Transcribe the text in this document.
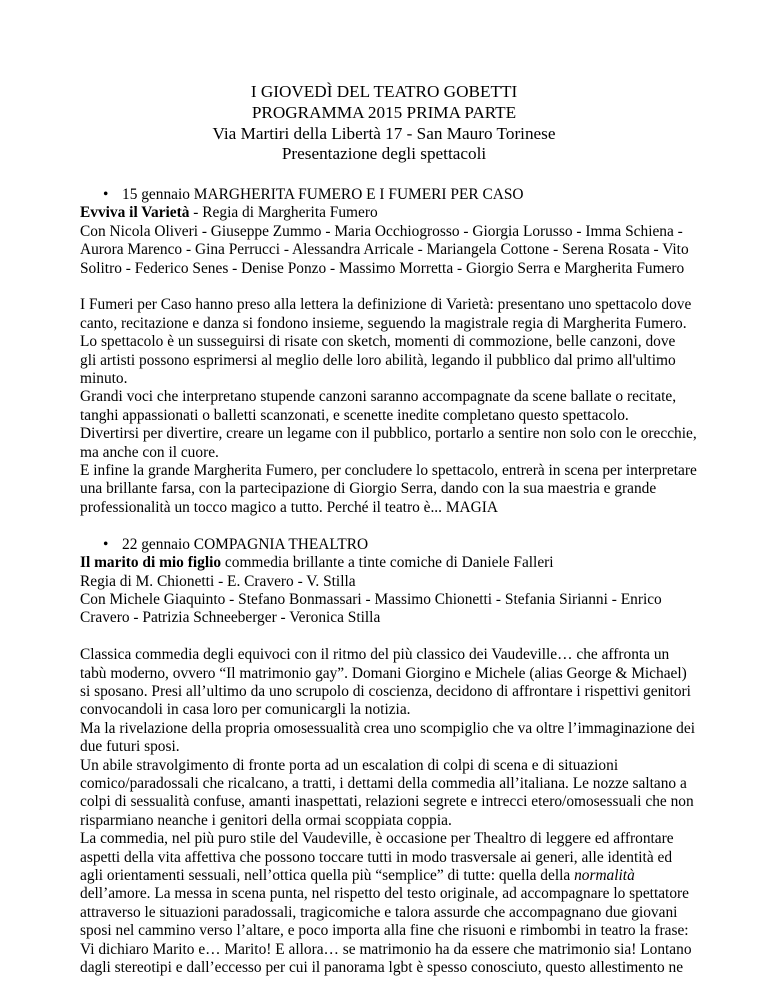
I GIOVEDÌ DEL TEATRO GOBETTI
PROGRAMMA 2015 PRIMA PARTE
Via Martiri della Libertà 17 - San Mauro Torinese
Presentazione degli spettacoli
• 15 gennaio MARGHERITA FUMERO E I FUMERI PER CASO
Evviva il Varietà - Regia di Margherita Fumero
Con Nicola Oliveri - Giuseppe Zummo - Maria Occhiogrosso - Giorgia Lorusso - Imma Schiena -
Aurora Marenco - Gina Perrucci - Alessandra Arricale - Mariangela Cottone - Serena Rosata - Vito
Solitro - Federico Senes - Denise Ponzo - Massimo Morretta - Giorgio Serra e Margherita Fumero
I Fumeri per Caso hanno preso alla lettera la definizione di Varietà: presentano uno spettacolo dove
canto, recitazione e danza si fondono insieme, seguendo la magistrale regia di Margherita Fumero.
Lo spettacolo è un susseguirsi di risate con sketch, momenti di commozione, belle canzoni, dove
gli artisti possono esprimersi al meglio delle loro abilità, legando il pubblico dal primo all'ultimo
minuto.
Grandi voci che interpretano stupende canzoni saranno accompagnate da scene ballate o recitate,
tanghi appassionati o balletti scanzonati, e scenette inedite completano questo spettacolo.
Divertirsi per divertire, creare un legame con il pubblico, portarlo a sentire non solo con le orecchie,
ma anche con il cuore.
E infine la grande Margherita Fumero, per concludere lo spettacolo, entrerà in scena per interpretare
una brillante farsa, con la partecipazione di Giorgio Serra, dando con la sua maestria e grande
professionalità un tocco magico a tutto. Perché il teatro è... MAGIA
• 22 gennaio COMPAGNIA THEALTRO
Il marito di mio figlio commedia brillante a tinte comiche di Daniele Falleri
Regia di M. Chionetti - E. Cravero - V. Stilla
Con Michele Giaquinto - Stefano Bonmassari - Massimo Chionetti - Stefania Sirianni - Enrico
Cravero - Patrizia Schneeberger - Veronica Stilla
Classica commedia degli equivoci con il ritmo del più classico dei Vaudeville… che affronta un
tabù moderno, ovvero “Il matrimonio gay”. Domani Giorgino e Michele (alias George & Michael)
si sposano. Presi all’ultimo da uno scrupolo di coscienza, decidono di affrontare i rispettivi genitori
convocandoli in casa loro per comunicargli la notizia.
Ma la rivelazione della propria omosessualità crea uno scompiglio che va oltre l’immaginazione dei
due futuri sposi.
Un abile stravolgimento di fronte porta ad un escalation di colpi di scena e di situazioni
comico/paradossali che ricalcano, a tratti, i dettami della commedia all’italiana. Le nozze saltano a
colpi di sessualità confuse, amanti inaspettati, relazioni segrete e intrecci etero/omosessuali che non
risparmiano neanche i genitori della ormai scoppiata coppia.
La commedia, nel più puro stile del Vaudeville, è occasione per Thealtro di leggere ed affrontare
aspetti della vita affettiva che possono toccare tutti in modo trasversale ai generi, alle identità ed
agli orientamenti sessuali, nell’ottica quella più “semplice” di tutte: quella della normalità
dell’amore. La messa in scena punta, nel rispetto del testo originale, ad accompagnare lo spettatore
attraverso le situazioni paradossali, tragicomiche e talora assurde che accompagnano due giovani
sposi nel cammino verso l’altare, e poco importa alla fine che risuoni e rimbombi in teatro la frase:
Vi dichiaro Marito e… Marito! E allora… se matrimonio ha da essere che matrimonio sia! Lontano
dagli stereotipi e dall’eccesso per cui il panorama lgbt è spesso conosciuto, questo allestimento ne
